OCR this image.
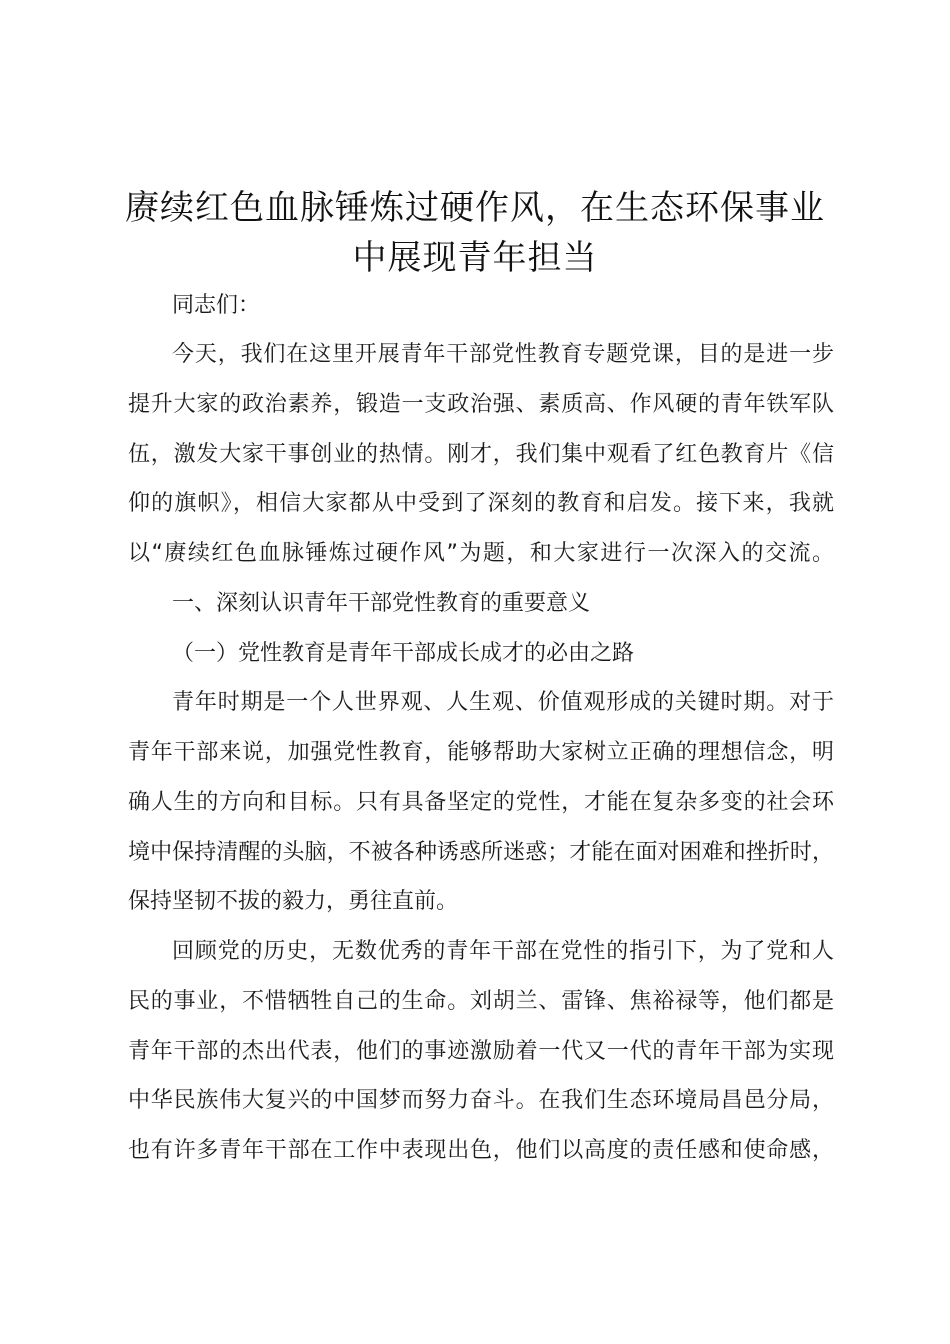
赓续红色血脉锤炼过硬作风，在生态环保事业
中展现青年担当
同志们：
今天，我们在这里开展青年干部党性教育专题党课，目的是进一步
提升大家的政治素养，锻造一支政治强、素质高、作风硬的青年铁军队
伍，激发大家干事创业的热情。刚才，我们集中观看了红色教育片《信
仰的旗帜》，相信大家都从中受到了深刻的教育和启发。接下来，我就
以“赓续红色血脉锤炼过硬作风”为题，和大家进行一次深入的交流。
一、深刻认识青年干部党性教育的重要意义
（一）党性教育是青年干部成长成才的必由之路
青年时期是一个人世界观、人生观、价值观形成的关键时期。对于
青年干部来说，加强党性教育，能够帮助大家树立正确的理想信念，明
确人生的方向和目标。只有具备坚定的党性，才能在复杂多变的社会环
境中保持清醒的头脑，不被各种诱惑所迷惑；才能在面对困难和挫折时，
保持坚韧不拔的毅力，勇往直前。
回顾党的历史，无数优秀的青年干部在党性的指引下，为了党和人
民的事业，不惜牺牲自己的生命。刘胡兰、雷锋、焦裕禄等，他们都是
青年干部的杰出代表，他们的事迹激励着一代又一代的青年干部为实现
中华民族伟大复兴的中国梦而努力奋斗。在我们生态环境局昌邑分局，
也有许多青年干部在工作中表现出色，他们以高度的责任感和使命感，
